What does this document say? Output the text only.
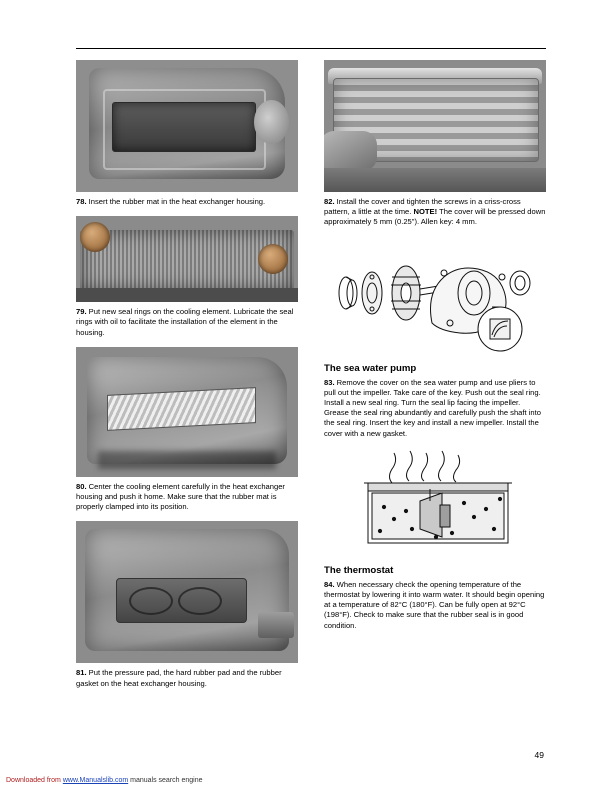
78. Insert the rubber mat in the heat exchanger housing.
79. Put new seal rings on the cooling element. Lubricate the seal rings with oil to facilitate the installation of the element in the housing.
80. Center the cooling element carefully in the heat exchanger housing and push it home. Make sure that the rubber mat is properly clamped into its position.
81. Put the pressure pad, the hard rubber pad and the rubber gasket on the heat exchanger housing.
82. Install the cover and tighten the screws in a criss-cross pattern, a little at the time. NOTE! The cover will be pressed down approximately 5 mm (0.25"). Allen key: 4 mm.
The sea water pump
83. Remove the cover on the sea water pump and use pliers to pull out the impeller. Take care of the key. Push out the seal ring. Install a new seal ring. Turn the seal lip facing the impeller. Grease the seal ring abundantly and carefully push the shaft into the seal ring. Insert the key and install a new impeller. Install the cover with a new gasket.
The thermostat
84. When necessary check the opening temperature of the thermostat by lowering it into warm water. It should begin opening at a temperature of 82°C (180°F). Can be fully open at 92°C (198°F). Check to make sure that the rubber seal is in good condition.
49
Downloaded from www.Manualslib.com manuals search engine
